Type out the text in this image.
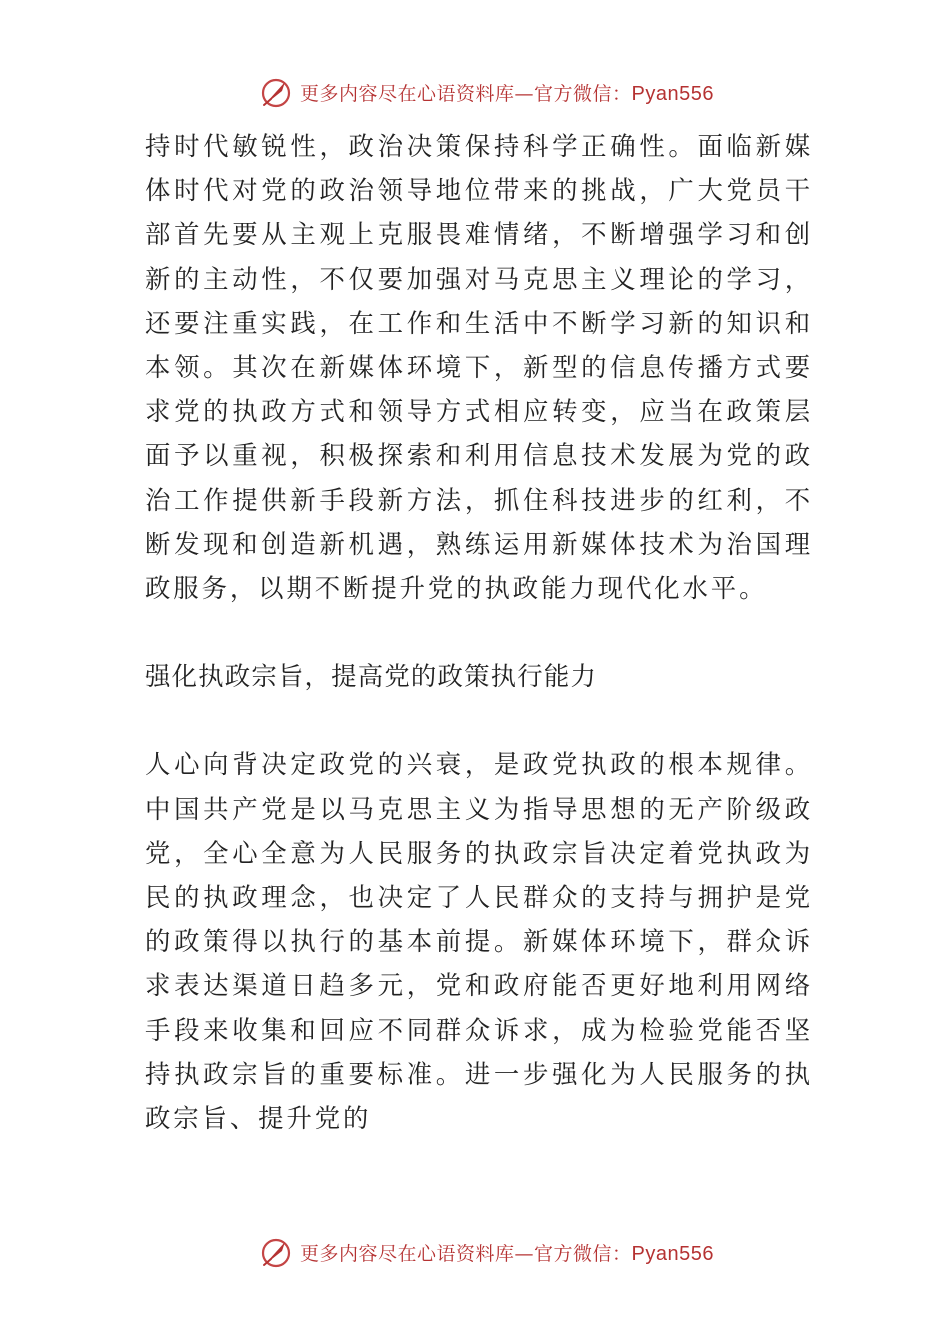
更多内容尽在心语资料库—官方微信：Pyan556

持时代敏锐性，政治决策保持科学正确性。面临新媒体时代对党的政治领导地位带来的挑战，广大党员干部首先要从主观上克服畏难情绪，不断增强学习和创新的主动性，不仅要加强对马克思主义理论的学习，还要注重实践，在工作和生活中不断学习新的知识和本领。其次在新媒体环境下，新型的信息传播方式要求党的执政方式和领导方式相应转变，应当在政策层面予以重视，积极探索和利用信息技术发展为党的政治工作提供新手段新方法，抓住科技进步的红利，不断发现和创造新机遇，熟练运用新媒体技术为治国理政服务，以期不断提升党的执政能力现代化水平。

强化执政宗旨，提高党的政策执行能力

人心向背决定政党的兴衰，是政党执政的根本规律。中国共产党是以马克思主义为指导思想的无产阶级政党，全心全意为人民服务的执政宗旨决定着党执政为民的执政理念，也决定了人民群众的支持与拥护是党的政策得以执行的基本前提。新媒体环境下，群众诉求表达渠道日趋多元，党和政府能否更好地利用网络手段来收集和回应不同群众诉求，成为检验党能否坚持执政宗旨的重要标准。进一步强化为人民服务的执政宗旨、提升党的

更多内容尽在心语资料库—官方微信：Pyan556
